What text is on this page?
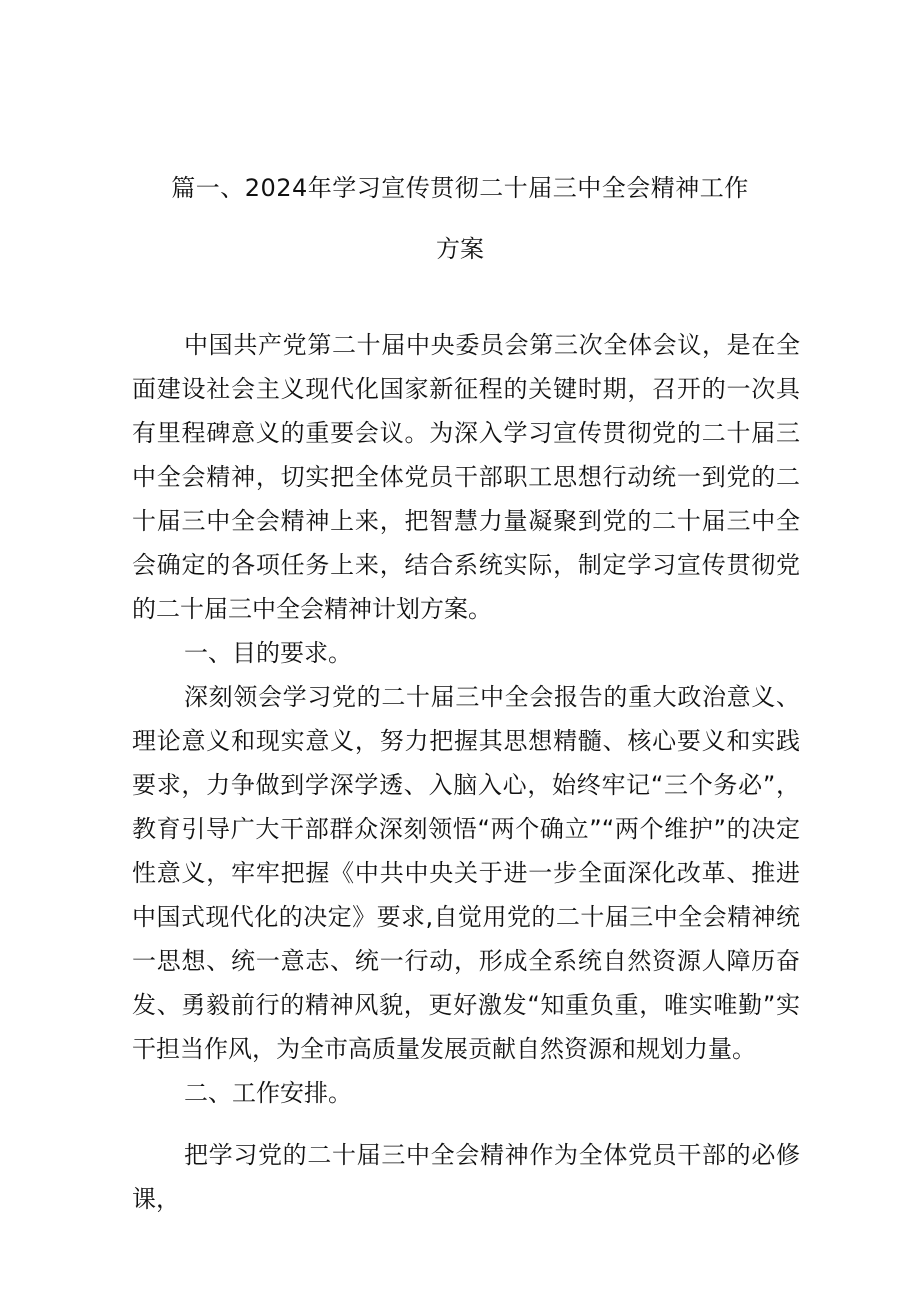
篇一、2024年学习宣传贯彻二十届三中全会精神工作
方案

中国共产党第二十届中央委员会第三次全体会议，是在全面建设社会主义现代化国家新征程的关键时期，召开的一次具有里程碑意义的重要会议。为深入学习宣传贯彻党的二十届三中全会精神，切实把全体党员干部职工思想行动统一到党的二十届三中全会精神上来，把智慧力量凝聚到党的二十届三中全会确定的各项任务上来，结合系统实际，制定学习宣传贯彻党的二十届三中全会精神计划方案。

一、目的要求。

深刻领会学习党的二十届三中全会报告的重大政治意义、理论意义和现实意义，努力把握其思想精髓、核心要义和实践要求，力争做到学深学透、入脑入心，始终牢记“三个务必”，教育引导广大干部群众深刻领悟“两个确立”“两个维护”的决定性意义，牢牢把握《中共中央关于进一步全面深化改革、推进中国式现代化的决定》要求,自觉用党的二十届三中全会精神统一思想、统一意志、统一行动，形成全系统自然资源人障历奋发、勇毅前行的精神风貌，更好激发“知重负重，唯实唯勤”实干担当作风，为全市高质量发展贡献自然资源和规划力量。

二、工作安排。

把学习党的二十届三中全会精神作为全体党员干部的必修课，
